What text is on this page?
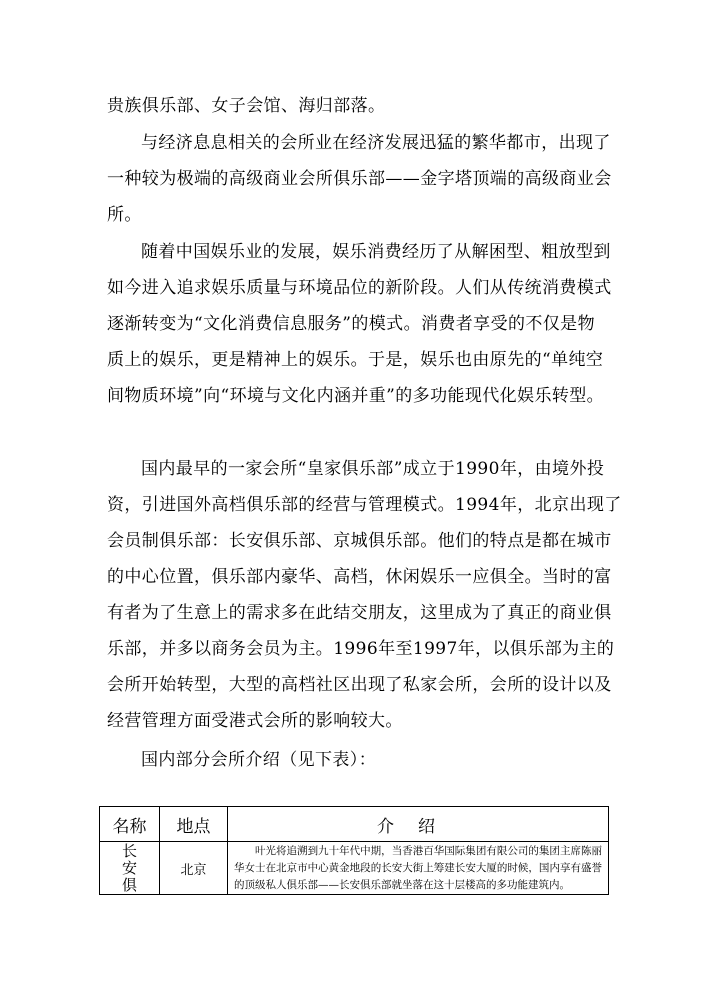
贵族俱乐部、女子会馆、海归部落。
与经济息息相关的会所业在经济发展迅猛的繁华都市，出现了
一种较为极端的高级商业会所俱乐部——金字塔顶端的高级商业会
所。
随着中国娱乐业的发展，娱乐消费经历了从解困型、粗放型到
如今进入追求娱乐质量与环境品位的新阶段。人们从传统消费模式
逐渐转变为“文化消费信息服务”的模式。消费者享受的不仅是物
质上的娱乐，更是精神上的娱乐。于是，娱乐也由原先的“单纯空
间物质环境”向“环境与文化内涵并重”的多功能现代化娱乐转型。
国内最早的一家会所“皇家俱乐部”成立于1990年，由境外投
资，引进国外高档俱乐部的经营与管理模式。1994年，北京出现了
会员制俱乐部：长安俱乐部、京城俱乐部。他们的特点是都在城市
的中心位置，俱乐部内豪华、高档，休闲娱乐一应俱全。当时的富
有者为了生意上的需求多在此结交朋友，这里成为了真正的商业俱
乐部，并多以商务会员为主。1996年至1997年，以俱乐部为主的
会所开始转型，大型的高档社区出现了私家会所，会所的设计以及
经营管理方面受港式会所的影响较大。
国内部分会所介绍（见下表）：
名称	地点	介绍

长
安
俱	北京	叶光将追溯到九十年代中期，当香港百华国际集团有限公司的集团主席陈丽华女士在北京市中心黄金地段的长安大街上筹建长安大厦的时候，国内享有盛誉的顶级私人俱乐部——长安俱乐部就坐落在这十层楼高的多功能建筑内。
